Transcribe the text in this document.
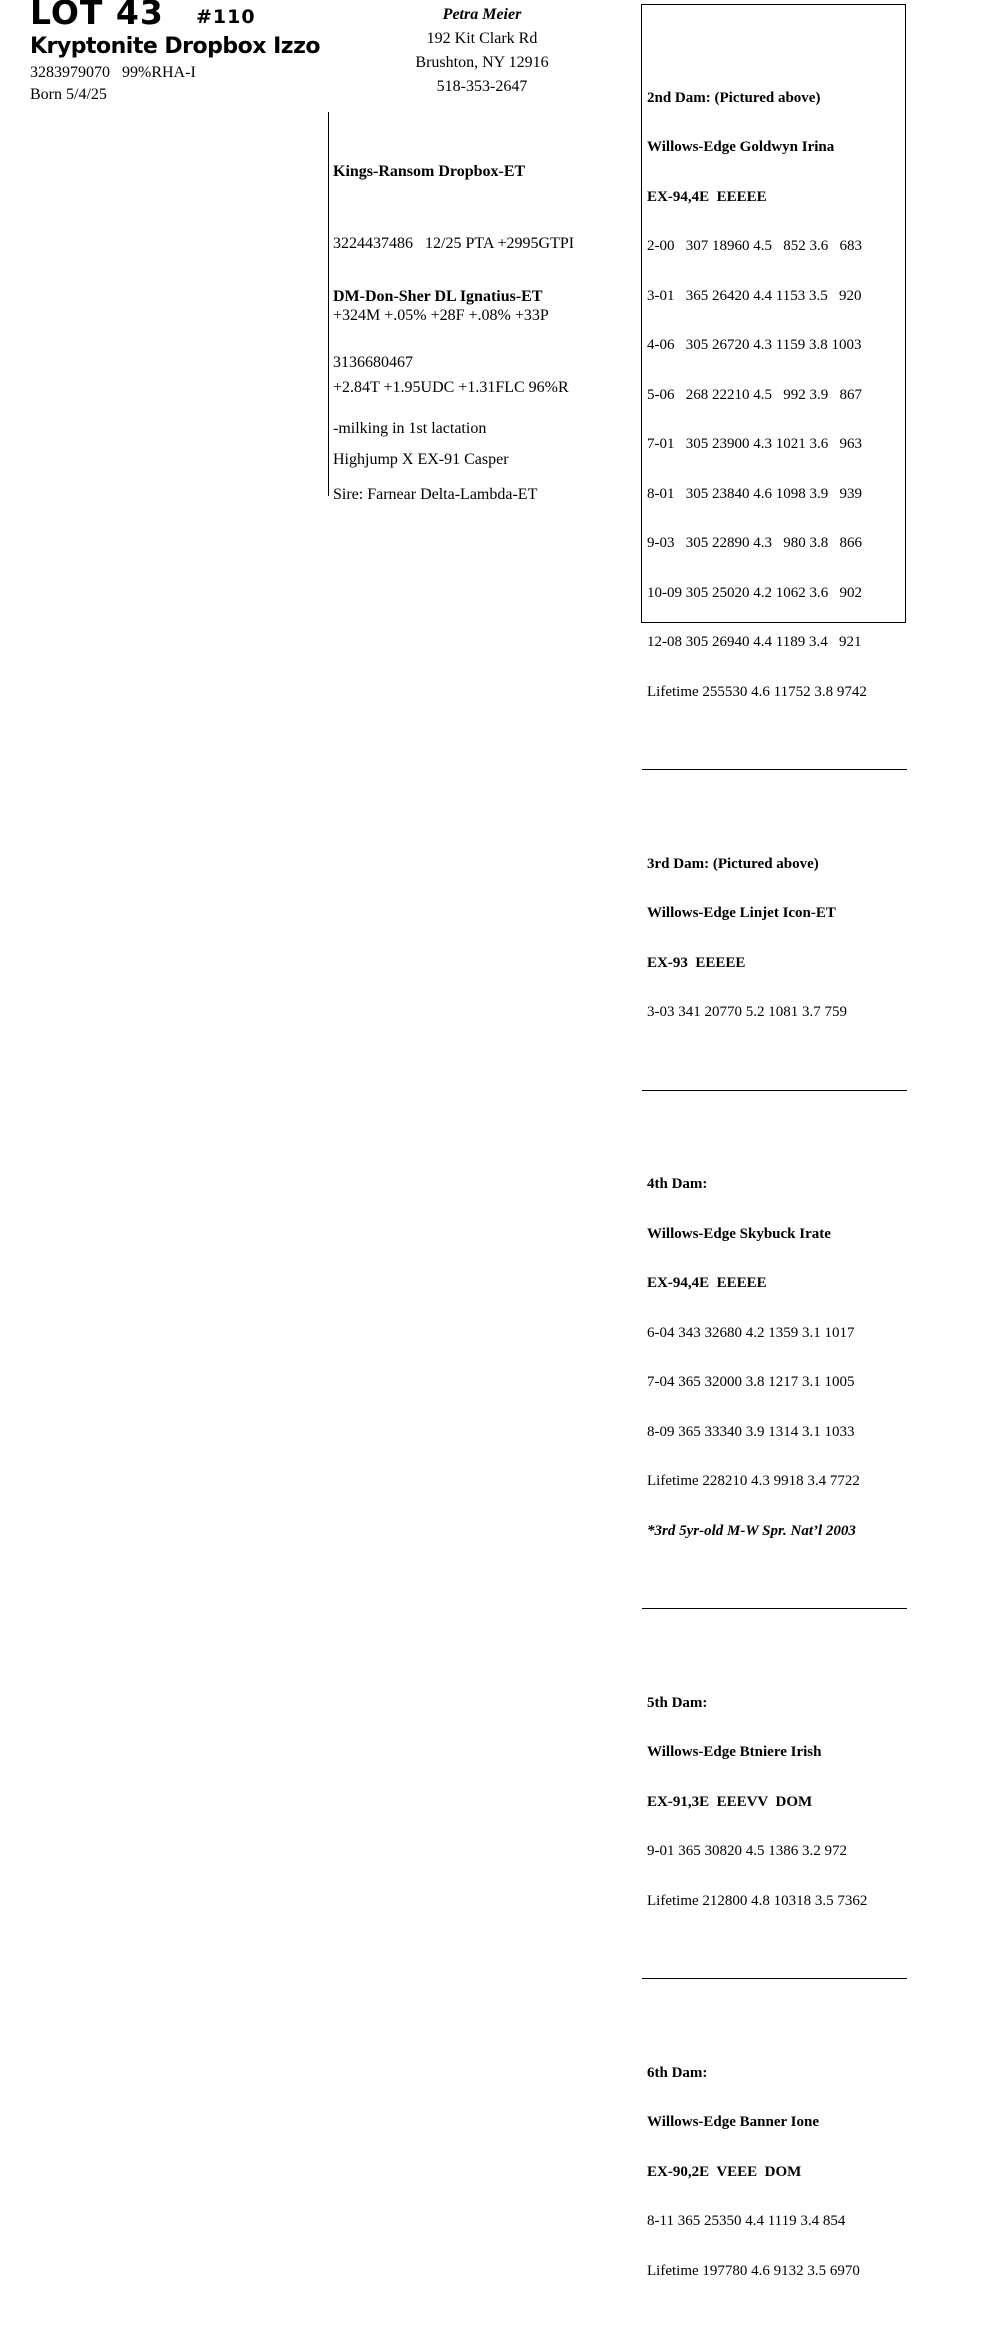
LOT 43 #110
Kryptonite Dropbox Izzo
3283979070   99%RHA-I
Born 5/4/25
Petra Meier
192 Kit Clark Rd
Brushton, NY 12916
518-353-2647

Kings-Ransom Dropbox-ET

3224437486   12/25 PTA +2995GTPI

+324M +.05% +28F +.08% +33P

+2.84T +1.95UDC +1.31FLC 96%R

Highjump X EX-91 Casper

DM-Don-Sher DL Ignatius-ET

3136680467

-milking in 1st lactation

Sire: Farnear Delta-Lambda-ET

2nd Dam: (Pictured above)

Willows-Edge Goldwyn Irina

EX-94,4E  EEEEE

2-00   307 18960 4.5   852 3.6   683

3-01   365 26420 4.4 1153 3.5   920

4-06   305 26720 4.3 1159 3.8 1003

5-06   268 22210 4.5   992 3.9   867

7-01   305 23900 4.3 1021 3.6   963

8-01   305 23840 4.6 1098 3.9   939

9-03   305 22890 4.3   980 3.8   866

10-09 305 25020 4.2 1062 3.6   902

12-08 305 26940 4.4 1189 3.4   921

Lifetime 255530 4.6 11752 3.8 9742

3rd Dam: (Pictured above)

Willows-Edge Linjet Icon-ET

EX-93  EEEEE

3-03 341 20770 5.2 1081 3.7 759

4th Dam:

Willows-Edge Skybuck Irate

EX-94,4E  EEEEE

6-04 343 32680 4.2 1359 3.1 1017

7-04 365 32000 3.8 1217 3.1 1005

8-09 365 33340 3.9 1314 3.1 1033

Lifetime 228210 4.3 9918 3.4 7722

*3rd 5yr-old M-W Spr. Nat’l 2003

5th Dam:

Willows-Edge Btniere Irish

EX-91,3E  EEEVV  DOM

9-01 365 30820 4.5 1386 3.2 972

Lifetime 212800 4.8 10318 3.5 7362

6th Dam:

Willows-Edge Banner Ione

EX-90,2E  VEEE  DOM

8-11 365 25350 4.4 1119 3.4 854

Lifetime 197780 4.6 9132 3.5 6970
